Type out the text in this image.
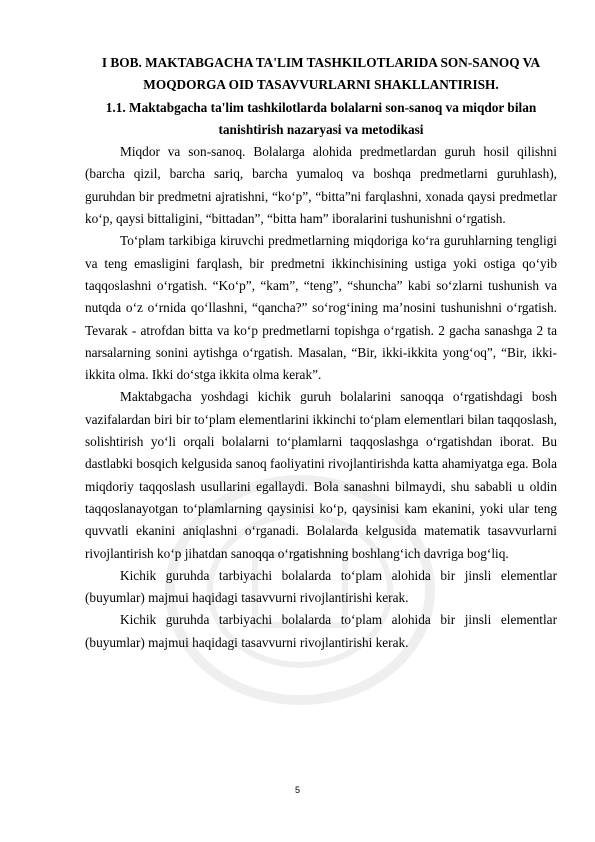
I BOB. MAKTABGACHA TA'LIM TASHKILOTLARIDA SON-SANOQ VA MOQDORGA OID TASAVVURLARNI SHAKLLANTIRISH.
1.1. Maktabgacha ta'lim tashkilotlarda bolalarni son-sanoq va miqdor bilan tanishtirish nazaryasi va metodikasi

Miqdor va son-sanoq. Bolalarga alohida predmetlardan guruh hosil qilishni (barcha qizil, barcha sariq, barcha yumaloq va boshqa predmetlarni guruhlash), guruhdan bir predmetni ajratishni, “ko‘p”, “bitta”ni farqlashni, xonada qaysi predmetlar ko‘p, qaysi bittaligini, “bittadan”, “bitta ham” iboralarini tushunishni o‘rgatish.

To‘plam tarkibiga kiruvchi predmetlarning miqdoriga ko‘ra guruhlarning tengligi va teng emasligini farqlash, bir predmetni ikkinchisining ustiga yoki ostiga qo‘yib taqqoslashni o‘rgatish. “Ko‘p”, “kam”, “teng”, “shuncha” kabi so‘zlarni tushunish va nutqda o‘z o‘rnida qo‘llashni, “qancha?” so‘rog‘ining ma’nosini tushunishni o‘rgatish. Tevarak - atrofdan bitta va ko‘p predmetlarni topishga o‘rgatish. 2 gacha sanashga 2 ta narsalarning sonini aytishga o‘rgatish. Masalan, “Bir, ikki-ikkita yong‘oq”, “Bir, ikki-ikkita olma. Ikki do‘stga ikkita olma kerak”.

Maktabgacha yoshdagi kichik guruh bolalarini sanoqqa o‘rgatishdagi bosh vazifalardan biri bir to‘plam elementlarini ikkinchi to‘plam elementlari bilan taqqoslash, solishtirish yo‘li orqali bolalarni to‘plamlarni taqqoslashga o‘rgatishdan iborat. Bu dastlabki bosqich kelgusida sanoq faoliyatini rivojlantirishda katta ahamiyatga ega. Bola miqdoriy taqqoslash usullarini egallaydi. Bola sanashni bilmaydi, shu sababli u oldin taqqoslanayotgan to‘plamlarning qaysinisi ko‘p, qaysinisi kam ekanini, yoki ular teng quvvatli ekanini aniqlashni o‘rganadi. Bolalarda kelgusida matematik tasavvurlarni rivojlantirish ko‘p jihatdan sanoqqa o‘rgatishning boshlang‘ich davriga bog‘liq.

Kichik guruhda tarbiyachi bolalarda to‘plam alohida bir jinsli elementlar (buyumlar) majmui haqidagi tasavvurni rivojlantirishi kerak.

Kichik guruhda tarbiyachi bolalarda to‘plam alohida bir jinsli elementlar (buyumlar) majmui haqidagi tasavvurni rivojlantirishi kerak.

5
